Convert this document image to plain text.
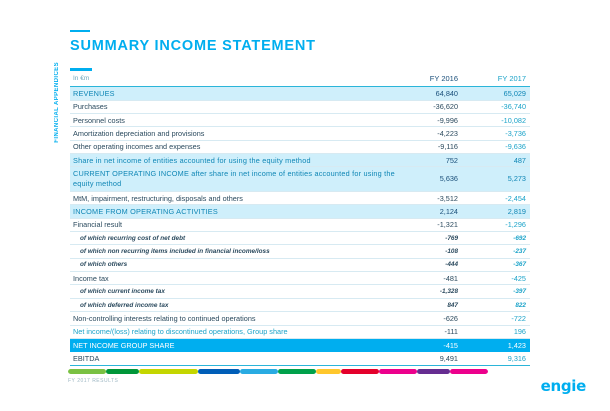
FINANCIAL APPENDICES
SUMMARY INCOME STATEMENT
In €m	FY 2016	FY 2017

REVENUES	64,840	65,029
Purchases	-36,620	-36,740
Personnel costs	-9,996	-10,082
Amortization depreciation and provisions	-4,223	-3,736
Other operating incomes and expenses	-9,116	-9,636
Share in net income of entities accounted for using the equity method	752	487
CURRENT OPERATING INCOME after share in net income of entities accounted for using the equity method	5,636	5,273
MtM, impairment, restructuring, disposals and others	-3,512	-2,454
INCOME FROM OPERATING ACTIVITIES	2,124	2,819
Financial result	-1,321	-1,296
of which recurring cost of net debt	-769	-692
of which non recurring items included in financial income/loss	-108	-237
of which others	-444	-367
Income tax	-481	-425
of which current income tax	-1,328	-397
of which deferred income tax	847	822
Non-controlling interests relating to continued operations	-626	-722
Net income/(loss) relating to discontinued operations, Group share	-111	196
NET INCOME GROUP SHARE	-415	1,423
EBITDA	9,491	9,316
FY 2017 RESULTS	engie
